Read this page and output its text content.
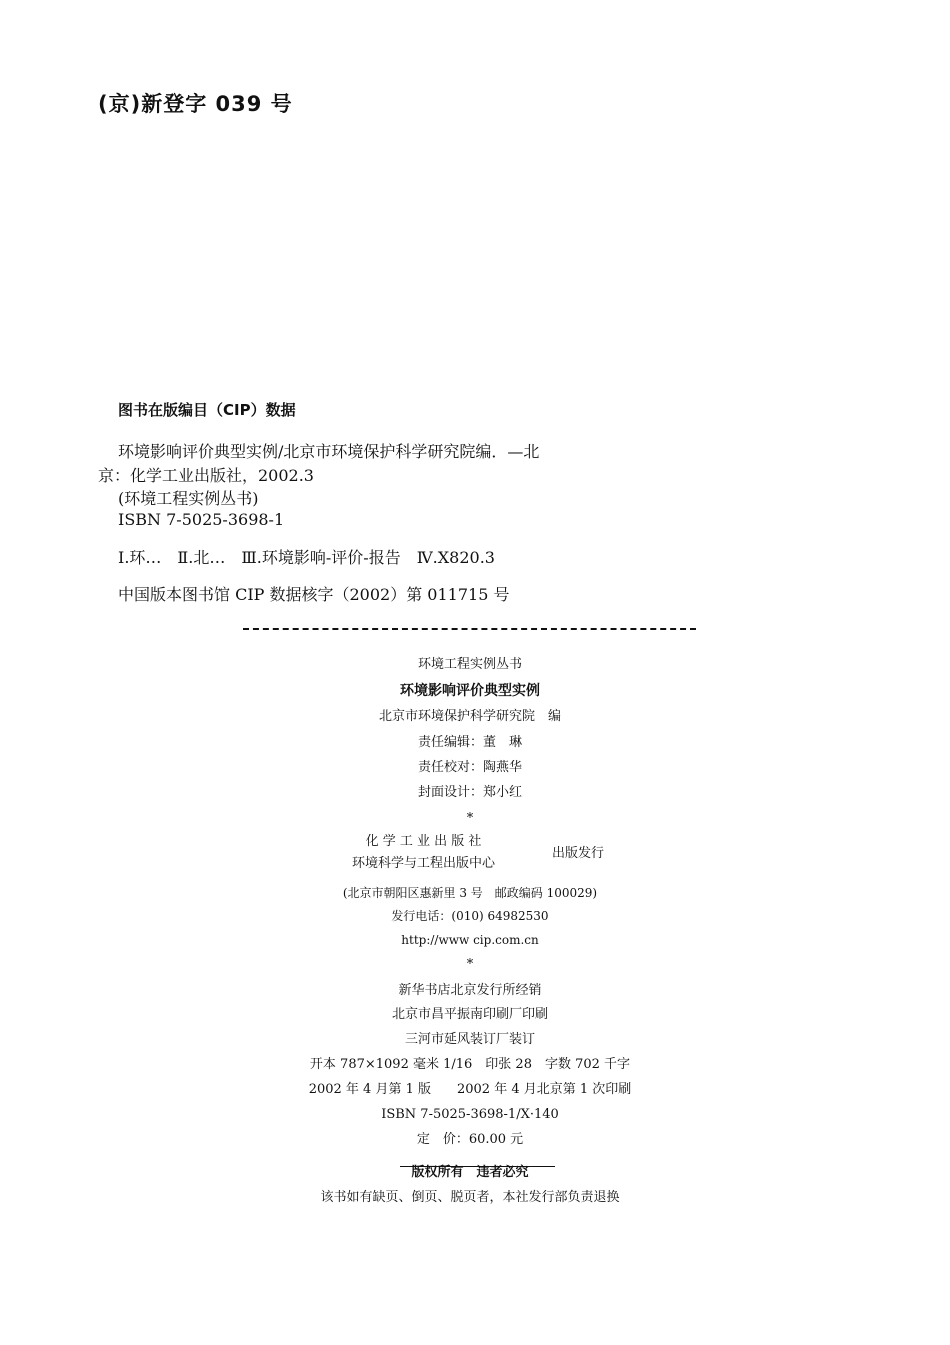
(京)新登字 039 号
图书在版编目（CIP）数据
环境影响评价典型实例/北京市环境保护科学研究院编．—北
京：化学工业出版社，2002.3
(环境工程实例丛书)
ISBN 7-5025-3698-1
Ⅰ.环…　Ⅱ.北…　Ⅲ.环境影响-评价-报告　Ⅳ.X820.3
中国版本图书馆 CIP 数据核字（2002）第 011715 号
环境工程实例丛书
环境影响评价典型实例
北京市环境保护科学研究院　编
责任编辑：董　琳
责任校对：陶燕华
封面设计：郑小红
*
化 学 工 业 出 版 社
环境科学与工程出版中心
出版发行
(北京市朝阳区惠新里 3 号　邮政编码 100029)
发行电话：(010) 64982530
http://www cip.com.cn
*
新华书店北京发行所经销
北京市昌平振南印刷厂印刷
三河市延风装订厂装订
开本 787×1092 毫米 1/16　印张 28　字数 702 千字
2002 年 4 月第 1 版　　2002 年 4 月北京第 1 次印刷
ISBN 7-5025-3698-1/X·140
定　价：60.00 元
版权所有　违者必究
该书如有缺页、倒页、脱页者，本社发行部负责退换
